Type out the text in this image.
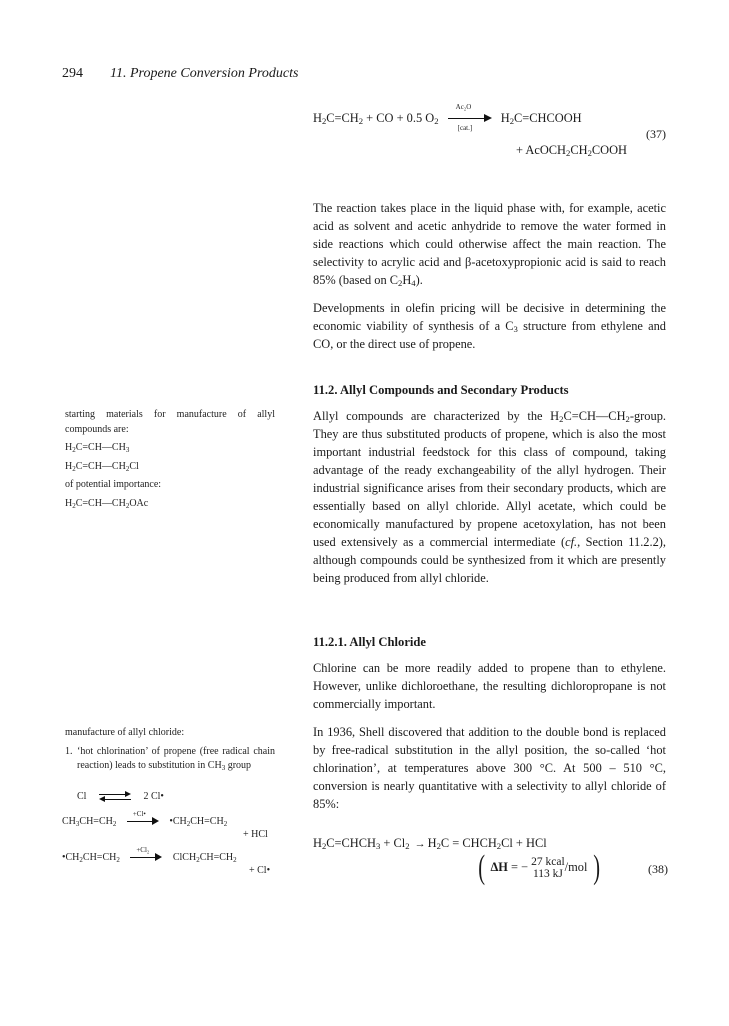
294 11. Propene Conversion Products
$H_2C=CH_2$ + CO + 0.5 $O_2$
Ac₂O
[cat.]
$H_2C=CHCOOH$
(37)
+ $AcOCH_2CH_2COOH$

The reaction takes place in the liquid phase with, for example, acetic acid as solvent and acetic anhydride to remove the water formed in side reactions which could otherwise affect the main reaction. The selectivity to acrylic acid and β-acetoxypropionic acid is said to reach 85% (based on $C_2H_4$).

Developments in olefin pricing will be decisive in determining the economic viability of synthesis of a $C_3$ structure from ethylene and CO, or the direct use of propene.

11.2. Allyl Compounds and Secondary Products

starting materials for manufacture of allyl compounds are:

$H_2C=CH—CH_3$

$H_2C=CH—CH_2Cl$

of potential importance:

$H_2C=CH—CH_2OAc$

Allyl compounds are characterized by the $H_2C=CH—CH_2$-group. They are thus substituted products of propene, which is also the most important industrial feedstock for this class of compound, taking advantage of the ready exchangeability of the allyl hydrogen. Their industrial significance arises from their secondary products, which are essentially based on allyl chloride. Allyl acetate, which could be economically manufactured by propene acetoxylation, has not been used extensively as a commercial intermediate (cf., Section 11.2.2), although compounds could be synthesized from it which are presently being produced from allyl chloride.

11.2.1. Allyl Chloride

Chlorine can be more readily added to propene than to ethylene. However, unlike dichloroethane, the resulting dichloropropane is not commercially important.

manufacture of allyl chloride:

1. ‘hot chlorination’ of propene (free radical chain reaction) leads to substitution in $CH_3$ group
Cl	2 Cl•
$CH_3CH=CH_2$
+Cl•
$•CH_2CH=CH_2$
+ HCl
$•CH_2CH=CH_2$
+Cl₂
$ClCH_2CH=CH_2$
+ Cl•

In 1936, Shell discovered that addition to the double bond is replaced by free-radical substitution in the allyl position, the so-called ‘hot chlorination’, at temperatures above 300 °C. At 500 – 510 °C, conversion is nearly quantitative with a selectivity to allyl chloride of 85%:

$H_2C=CHCH_3 + Cl_2 \to H_2C$ = $CHCH_2Cl$ + HCl
( ΔH = − 27 kcal
113 kJ
/mol )	(38)
